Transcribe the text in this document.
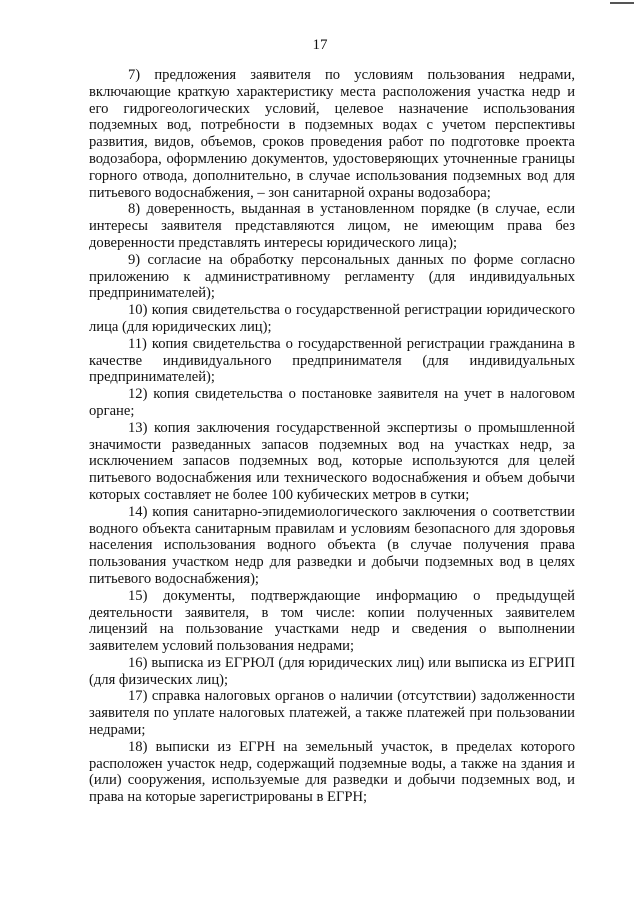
17

7) предложения заявителя по условиям пользования недрами, включающие краткую характеристику места расположения участка недр и его гидрогеологических условий, целевое назначение использования подземных вод, потребности в подземных водах с учетом перспективы развития, видов, объемов, сроков проведения работ по подготовке проекта водозабора, оформлению документов, удостоверяющих уточненные границы горного отвода, дополнительно, в случае использования подземных вод для питьевого водоснабжения, – зон санитарной охраны водозабора;

8) доверенность, выданная в установленном порядке (в случае, если интересы заявителя представляются лицом, не имеющим права без доверенности представлять интересы юридического лица);

9) согласие на обработку персональных данных по форме согласно приложению к административному регламенту (для индивидуальных предпринимателей);

10) копия свидетельства о государственной регистрации юридического лица (для юридических лиц);

11) копия свидетельства о государственной регистрации гражданина в качестве индивидуального предпринимателя (для индивидуальных предпринимателей);

12) копия свидетельства о постановке заявителя на учет в налоговом органе;

13) копия заключения государственной экспертизы о промышленной значимости разведанных запасов подземных вод на участках недр, за исключением запасов подземных вод, которые используются для целей питьевого водоснабжения или технического водоснабжения и объем добычи которых составляет не более 100 кубических метров в сутки;

14) копия санитарно-эпидемиологического заключения о соответствии водного объекта санитарным правилам и условиям безопасного для здоровья населения использования водного объекта (в случае получения права пользования участком недр для разведки и добычи подземных вод в целях питьевого водоснабжения);

15) документы, подтверждающие информацию о предыдущей деятельности заявителя, в том числе: копии полученных заявителем лицензий на пользование участками недр и сведения о выполнении заявителем условий пользования недрами;

16) выписка из ЕГРЮЛ (для юридических лиц) или выписка из ЕГРИП (для физических лиц);

17) справка налоговых органов о наличии (отсутствии) задолженности заявителя по уплате налоговых платежей, а также платежей при пользовании недрами;

18) выписки из ЕГРН на земельный участок, в пределах которого расположен участок недр, содержащий подземные воды, а также на здания и (или) сооружения, используемые для разведки и добычи подземных вод, и права на которые зарегистрированы в ЕГРН;
